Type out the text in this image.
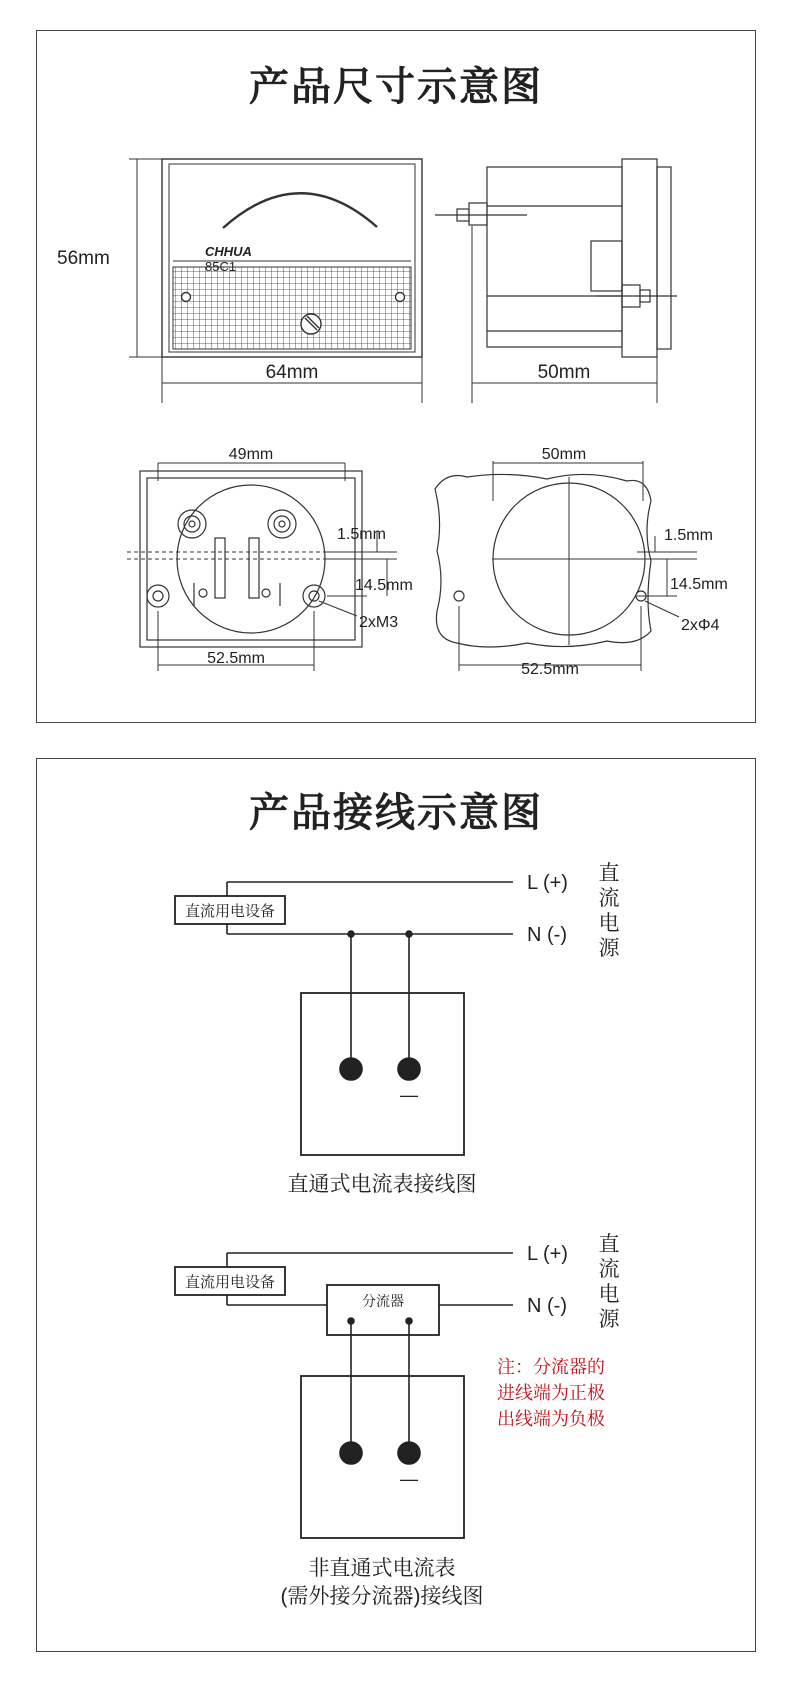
产品尺寸示意图
CHHUA
85C1
56mm
64mm	50mm
49mm
1.5mm
14.5mm
2xM3
52.5mm
50mm
1.5mm
14.5mm
2xΦ4
52.5mm
产品接线示意图
直流用电设备
L (+)
N (-)
直
流
电
源
—
直通式电流表接线图
直流用电设备
分流器
L (+)
N (-)
直
流
电
源
注：分流器的
进线端为正极
出线端为负极
—
非直通式电流表
(需外接分流器)接线图
